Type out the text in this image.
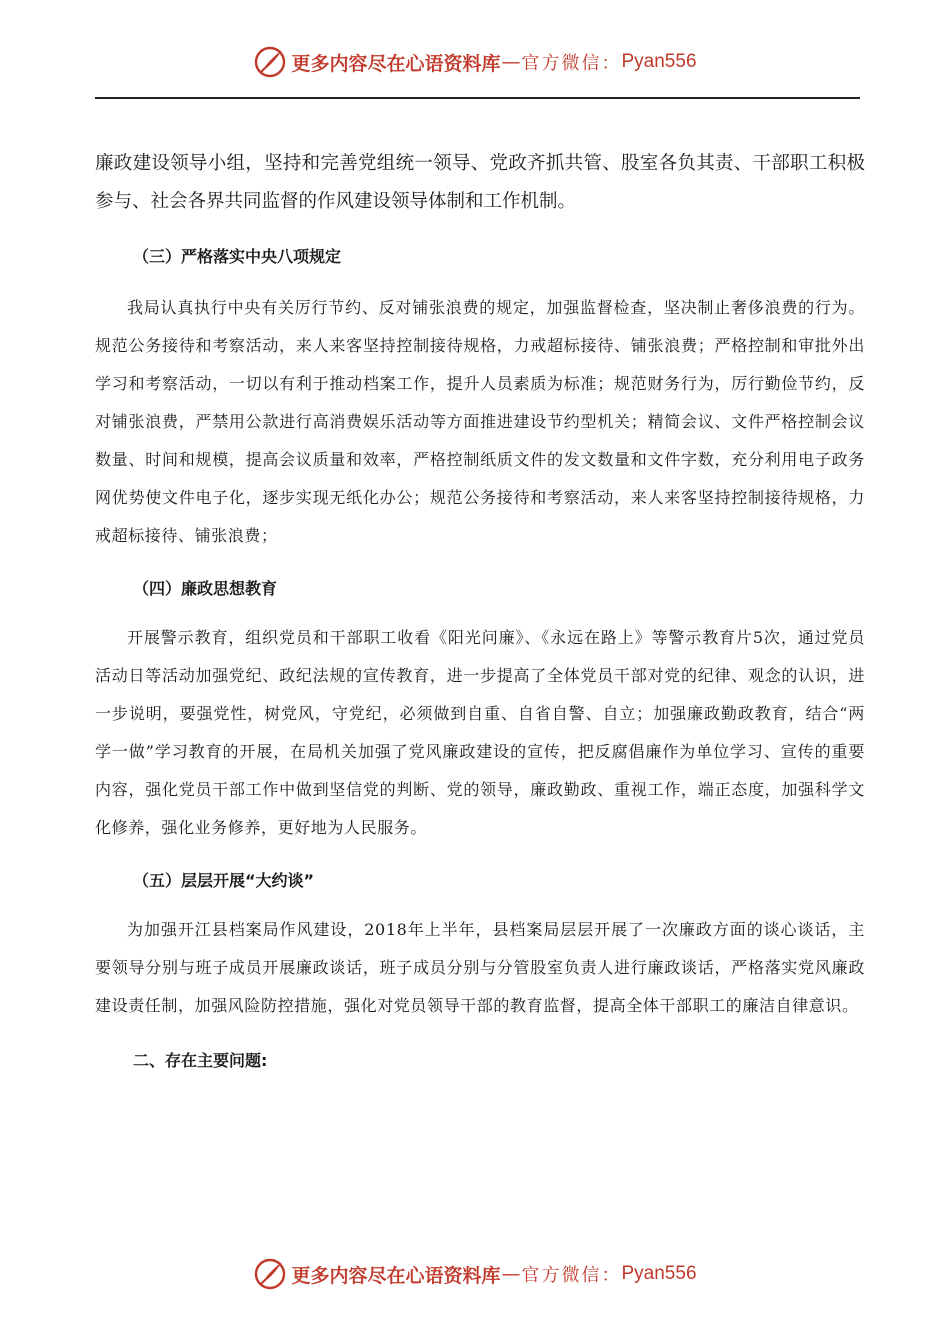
更多内容尽在心语资料库 — 官方微信： Pyan556

廉政建设领导小组，坚持和完善党组统一领导、党政齐抓共管、股室各负其责、干部职工积极参与、社会各界共同监督的作风建设领导体制和工作机制。

（三）严格落实中央八项规定

我局认真执行中央有关厉行节约、反对铺张浪费的规定，加强监督检查，坚决制止奢侈浪费的行为。规范公务接待和考察活动，来人来客坚持控制接待规格，力戒超标接待、铺张浪费；严格控制和审批外出学习和考察活动，一切以有利于推动档案工作，提升人员素质为标准；规范财务行为，厉行勤俭节约，反对铺张浪费，严禁用公款进行高消费娱乐活动等方面推进建设节约型机关；精简会议、文件严格控制会议数量、时间和规模，提高会议质量和效率，严格控制纸质文件的发文数量和文件字数，充分利用电子政务网优势使文件电子化，逐步实现无纸化办公；规范公务接待和考察活动，来人来客坚持控制接待规格，力戒超标接待、铺张浪费；

（四）廉政思想教育

开展警示教育，组织党员和干部职工收看《阳光问廉》、《永远在路上》等警示教育片5次，通过党员活动日等活动加强党纪、政纪法规的宣传教育，进一步提高了全体党员干部对党的纪律、观念的认识，进一步说明，要强党性，树党风，守党纪，必须做到自重、自省自警、自立；加强廉政勤政教育，结合“两学一做”学习教育的开展，在局机关加强了党风廉政建设的宣传，把反腐倡廉作为单位学习、宣传的重要内容，强化党员干部工作中做到坚信党的判断、党的领导，廉政勤政、重视工作，端正态度，加强科学文化修养，强化业务修养，更好地为人民服务。

（五）层层开展“大约谈”

为加强开江县档案局作风建设，2018年上半年，县档案局层层开展了一次廉政方面的谈心谈话，主要领导分别与班子成员开展廉政谈话，班子成员分别与分管股室负责人进行廉政谈话，严格落实党风廉政建设责任制，加强风险防控措施，强化对党员领导干部的教育监督，提高全体干部职工的廉洁自律意识。

二、存在主要问题:
更多内容尽在心语资料库 — 官方微信： Pyan556
